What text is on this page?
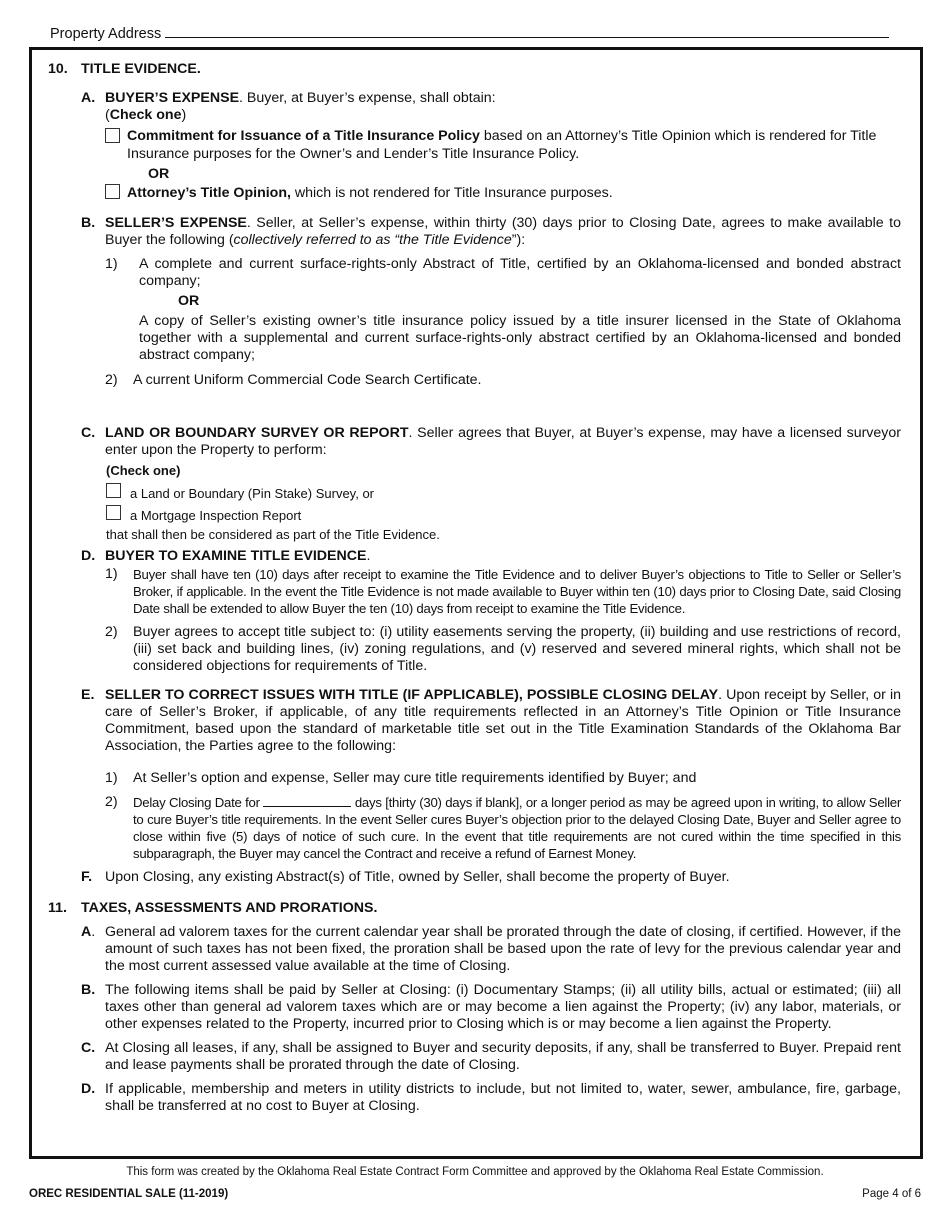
Property Address
10. TITLE EVIDENCE.
A. BUYER’S EXPENSE. Buyer, at Buyer’s expense, shall obtain:
(Check one)
Commitment for Issuance of a Title Insurance Policy based on an Attorney’s Title Opinion which is rendered for Title
Insurance purposes for the Owner’s and Lender’s Title Insurance Policy.
OR
Attorney’s Title Opinion, which is not rendered for Title Insurance purposes.
B. SELLER’S EXPENSE. Seller, at Seller’s expense, within thirty (30) days prior to Closing Date, agrees to make available to Buyer the following (collectively referred to as “the Title Evidence”):
1) A complete and current surface-rights-only Abstract of Title, certified by an Oklahoma-licensed and bonded abstract company;
OR
A copy of Seller’s existing owner’s title insurance policy issued by a title insurer licensed in the State of Oklahoma together with a supplemental and current surface-rights-only abstract certified by an Oklahoma-licensed and bonded abstract company;
2) A current Uniform Commercial Code Search Certificate.
C. LAND OR BOUNDARY SURVEY OR REPORT. Seller agrees that Buyer, at Buyer’s expense, may have a licensed surveyor enter upon the Property to perform:
(Check one)
a Land or Boundary (Pin Stake) Survey, or
a Mortgage Inspection Report
that shall then be considered as part of the Title Evidence.
D. BUYER TO EXAMINE TITLE EVIDENCE.
1) Buyer shall have ten (10) days after receipt to examine the Title Evidence and to deliver Buyer’s objections to Title to Seller or Seller’s Broker, if applicable. In the event the Title Evidence is not made available to Buyer within ten (10) days prior to Closing Date, said Closing Date shall be extended to allow Buyer the ten (10) days from receipt to examine the Title Evidence.
2) Buyer agrees to accept title subject to: (i) utility easements serving the property, (ii) building and use restrictions of record, (iii) set back and building lines, (iv) zoning regulations, and (v) reserved and severed mineral rights, which shall not be considered objections for requirements of Title.
E. SELLER TO CORRECT ISSUES WITH TITLE (IF APPLICABLE), POSSIBLE CLOSING DELAY. Upon receipt by Seller, or in care of Seller’s Broker, if applicable, of any title requirements reflected in an Attorney’s Title Opinion or Title Insurance Commitment, based upon the standard of marketable title set out in the Title Examination Standards of the Oklahoma Bar Association, the Parties agree to the following:
1) At Seller’s option and expense, Seller may cure title requirements identified by Buyer; and
2) Delay Closing Date for	days [thirty (30) days if blank], or a longer period as may be agreed upon in writing, to allow Seller to cure Buyer’s title requirements. In the event Seller cures Buyer’s objection prior to the delayed Closing Date, Buyer and Seller agree to close within five (5) days of notice of such cure. In the event that title requirements are not cured within the time specified in this subparagraph, the Buyer may cancel the Contract and receive a refund of Earnest Money.
F. Upon Closing, any existing Abstract(s) of Title, owned by Seller, shall become the property of Buyer.
11. TAXES, ASSESSMENTS AND PRORATIONS.
A. General ad valorem taxes for the current calendar year shall be prorated through the date of closing, if certified. However, if the amount of such taxes has not been fixed, the proration shall be based upon the rate of levy for the previous calendar year and the most current assessed value available at the time of Closing.
B. The following items shall be paid by Seller at Closing: (i) Documentary Stamps; (ii) all utility bills, actual or estimated; (iii) all taxes other than general ad valorem taxes which are or may become a lien against the Property; (iv) any labor, materials, or other expenses related to the Property, incurred prior to Closing which is or may become a lien against the Property.
C. At Closing all leases, if any, shall be assigned to Buyer and security deposits, if any, shall be transferred to Buyer. Prepaid rent and lease payments shall be prorated through the date of Closing.
D. If applicable, membership and meters in utility districts to include, but not limited to, water, sewer, ambulance, fire, garbage, shall be transferred at no cost to Buyer at Closing.
This form was created by the Oklahoma Real Estate Contract Form Committee and approved by the Oklahoma Real Estate Commission.
OREC RESIDENTIAL SALE (11-2019)	Page 4 of 6
